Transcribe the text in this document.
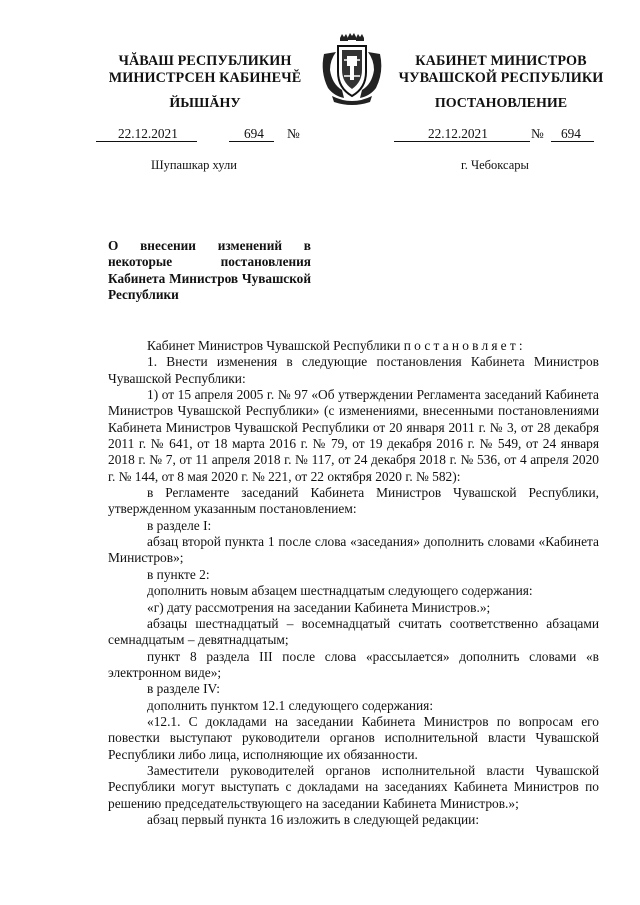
ЧĂВАШ РЕСПУБЛИКИН
МИНИСТРСЕН КАБИНЕЧĔ
КАБИНЕТ МИНИСТРОВ
ЧУВАШСКОЙ РЕСПУБЛИКИ
ЙЫШĂНУ	ПОСТАНОВЛЕНИЕ
22.12.2021	694 №	22.12.2021	№ 694
Шупашкар хули	г. Чебоксары
О внесении изменений в некоторые постановления Кабинета Министров Чувашской Республики

Кабинет Министров Чувашской Республики постановляет:

1. Внести изменения в следующие постановления Кабинета Министров Чувашской Республики:

1) от 15 апреля 2005 г. № 97 «Об утверждении Регламента заседаний Кабинета Министров Чувашской Республики» (с изменениями, внесенными постановлениями Кабинета Министров Чувашской Республики от 20 января 2011 г. № 3, от 28 декабря 2011 г. № 641, от 18 марта 2016 г. № 79, от 19 декабря 2016 г. № 549, от 24 января 2018 г. № 7, от 11 апреля 2018 г. № 117, от 24 декабря 2018 г. № 536, от 4 апреля 2020 г. № 144, от 8 мая 2020 г. № 221, от 22 октября 2020 г. № 582):

в Регламенте заседаний Кабинета Министров Чувашской Республики, утвержденном указанным постановлением:

в разделе I:

абзац второй пункта 1 после слова «заседания» дополнить словами «Кабинета Министров»;

в пункте 2:

дополнить новым абзацем шестнадцатым следующего содержания:

«г) дату рассмотрения на заседании Кабинета Министров.»;

абзацы шестнадцатый – восемнадцатый считать соответственно абзацами семнадцатым – девятнадцатым;

пункт 8 раздела III после слова «рассылается» дополнить словами «в электронном виде»;

в разделе IV:

дополнить пунктом 12.1 следующего содержания:

«12.1. С докладами на заседании Кабинета Министров по вопросам его повестки выступают руководители органов исполнительной власти Чувашской Республики либо лица, исполняющие их обязанности.

Заместители руководителей органов исполнительной власти Чувашской Республики могут выступать с докладами на заседаниях Кабинета Министров по решению председательствующего на заседании Кабинета Министров.»;

абзац первый пункта 16 изложить в следующей редакции:
